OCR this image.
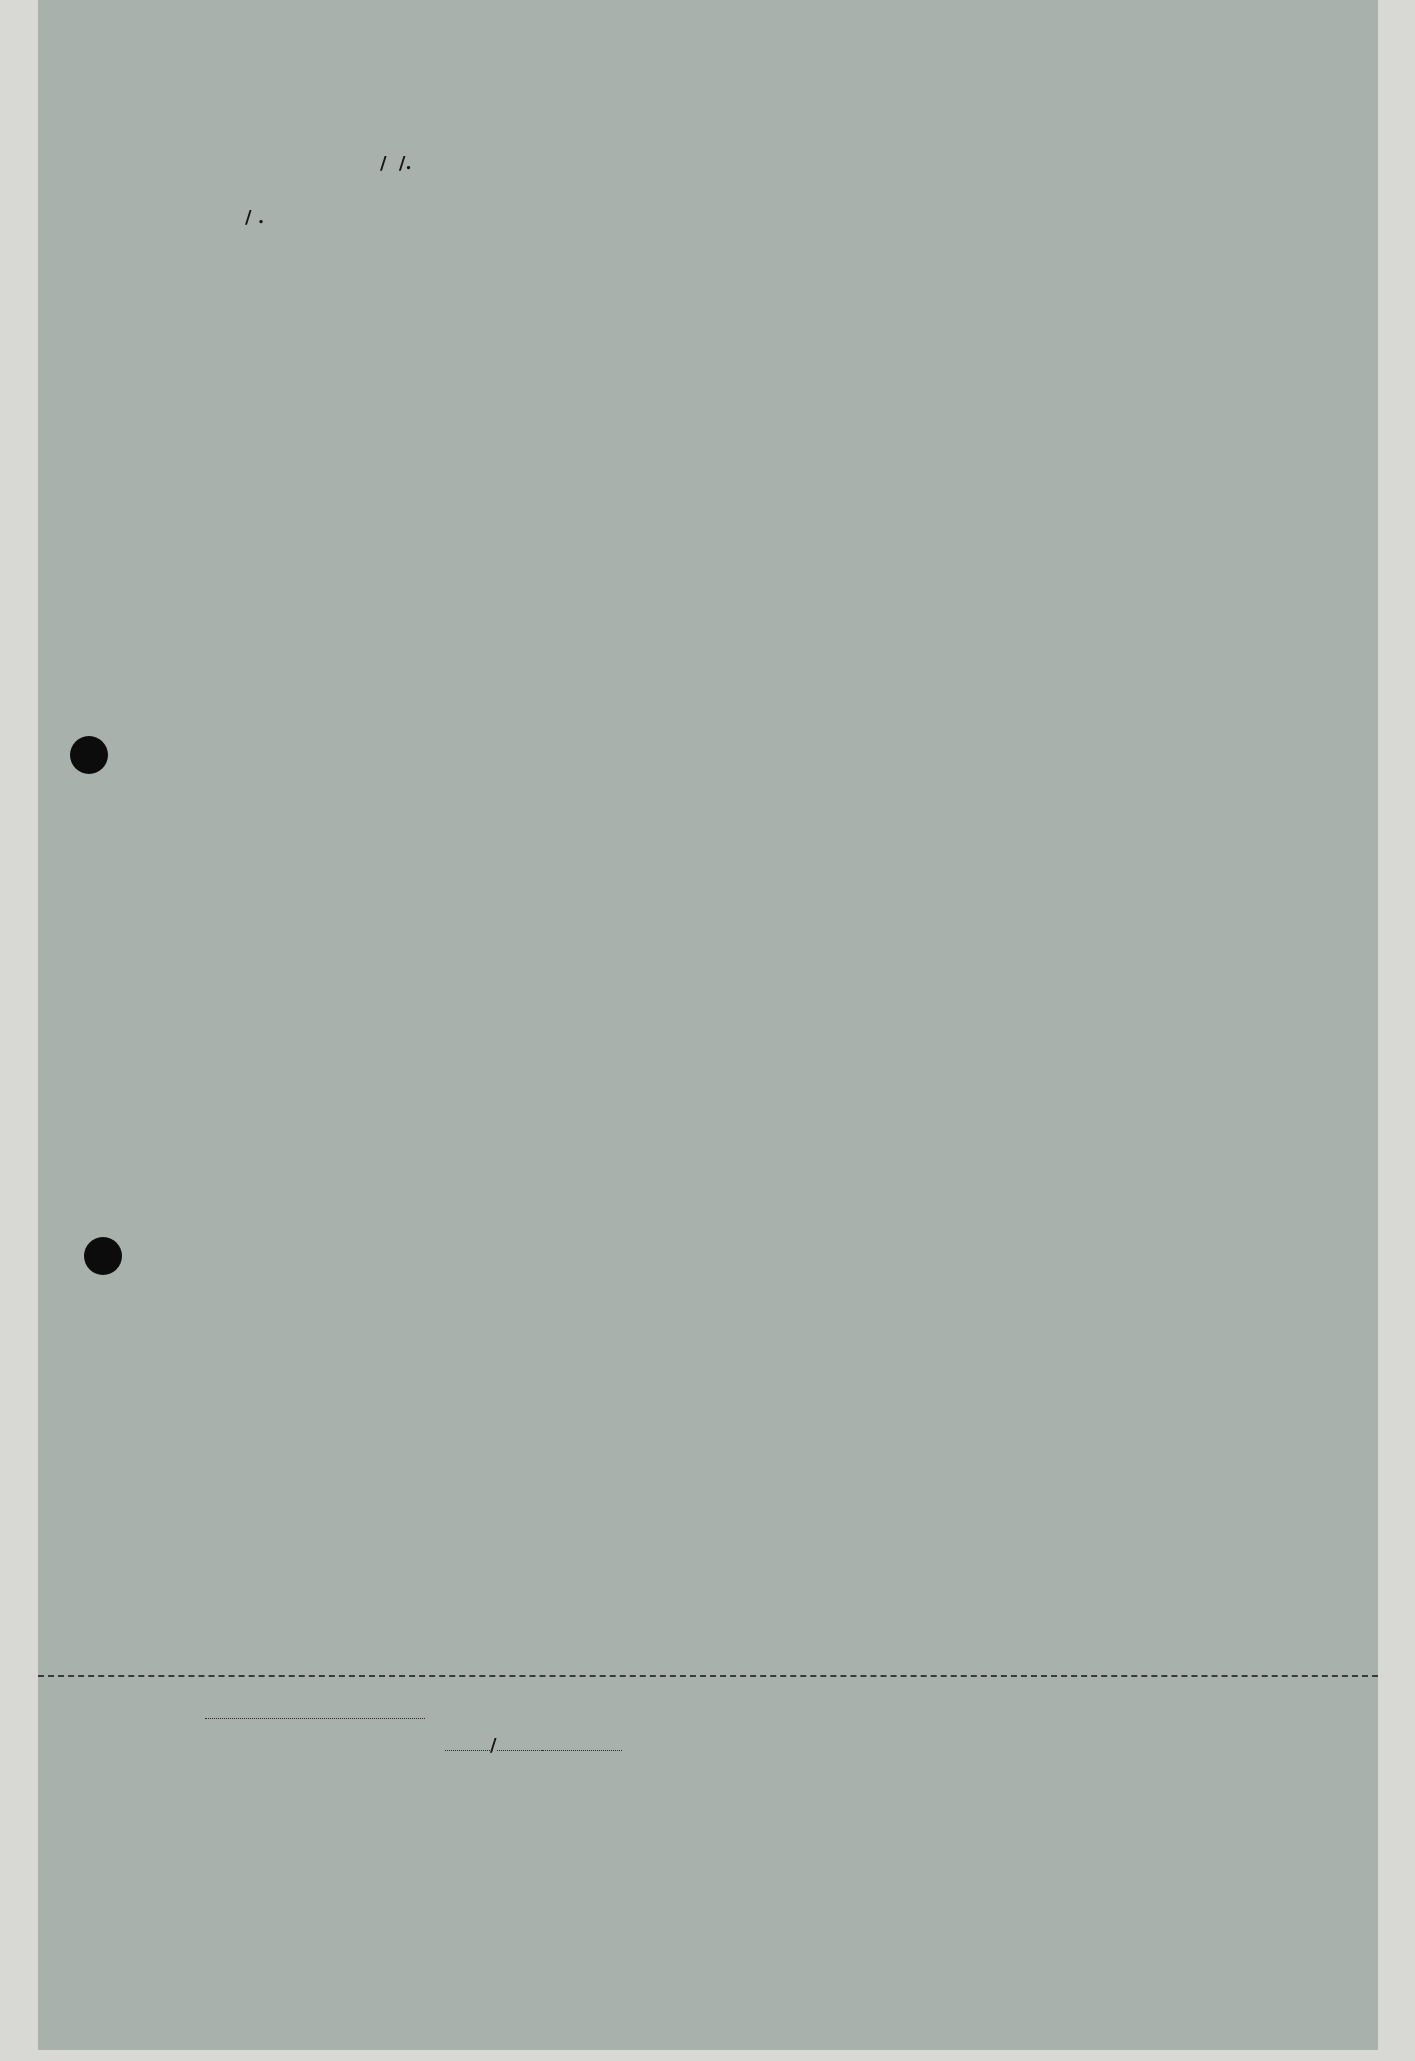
/ /.
/ .
/
